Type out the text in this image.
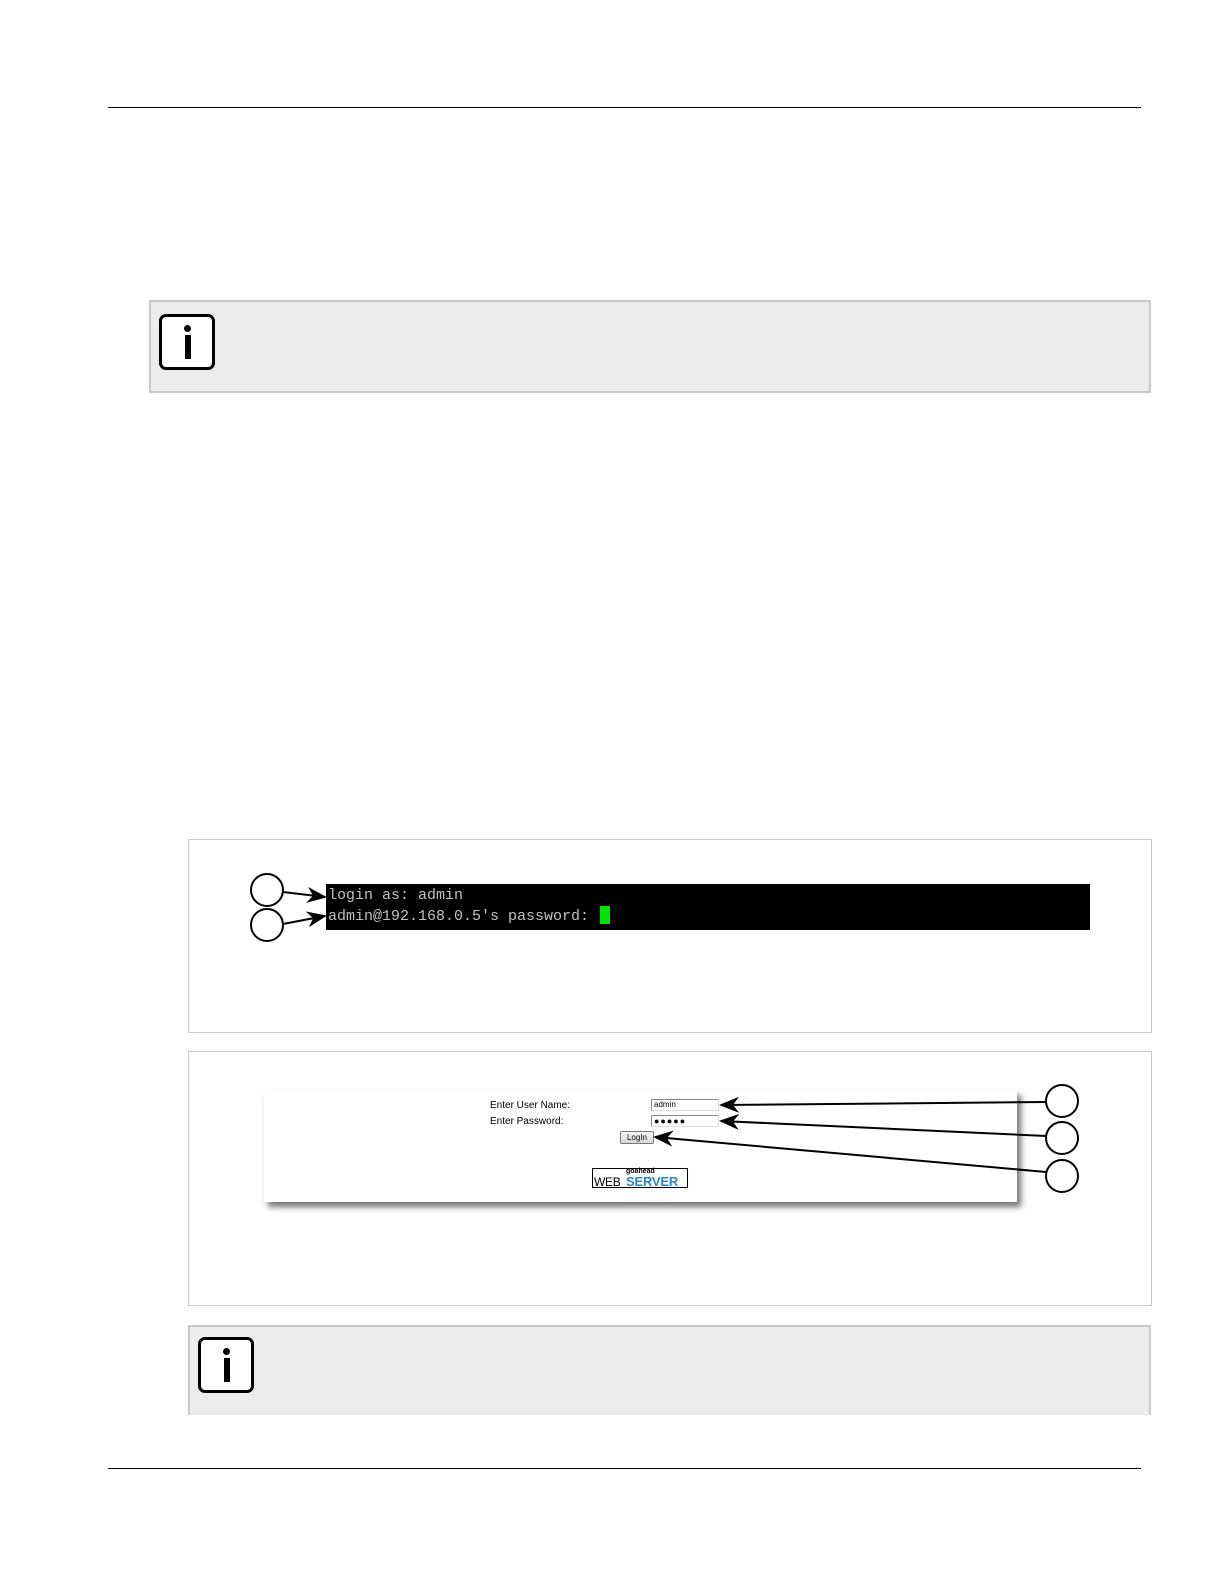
login as: admin
admin@192.168.0.5's password:
Enter User Name:
Enter Password:
admin
●●●●●
LogIn
goahead
WEB SERVER
